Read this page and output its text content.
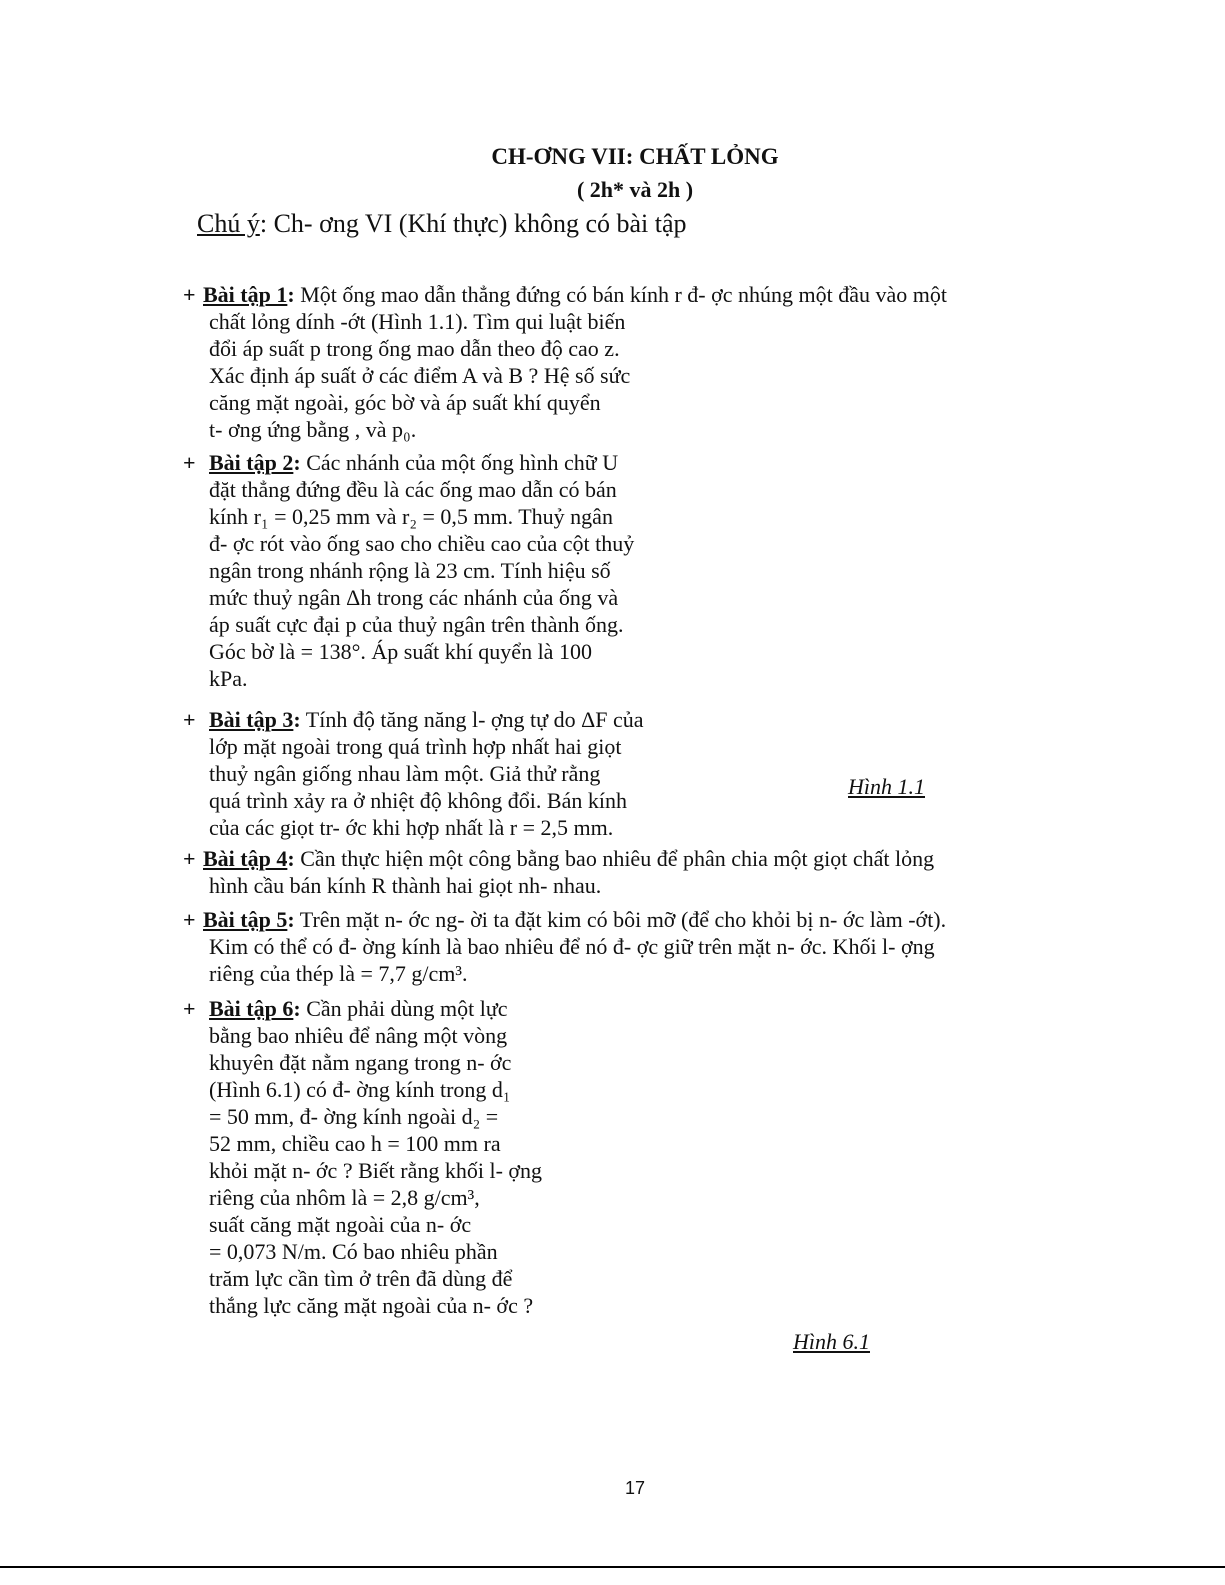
CH-ƠNG VII: CHẤT LỎNG
( 2h* và 2h )
Chú ý: Ch- ơng VI (Khí thực) không có bài tập
+ Bài tập 1: Một ống mao dẫn thẳng đứng có bán kính r đ- ợc nhúng một đầu vào một
chất lỏng dính -ớt (Hình 1.1). Tìm qui luật biến
đổi áp suất p trong ống mao dẫn theo độ cao z.
Xác định áp suất ở các điểm A và B ? Hệ số sức
căng mặt ngoài, góc bờ và áp suất khí quyển
t- ơng ứng bằng , và p₀.
+ Bài tập 2: Các nhánh của một ống hình chữ U
đặt thẳng đứng đều là các ống mao dẫn có bán
kính r₁ = 0,25 mm và r₂ = 0,5 mm. Thuỷ ngân
đ- ợc rót vào ống sao cho chiều cao của cột thuỷ
ngân trong nhánh rộng là 23 cm. Tính hiệu số
mức thuỷ ngân Δh trong các nhánh của ống và
áp suất cực đại p của thuỷ ngân trên thành ống.
Góc bờ là = 138°. Áp suất khí quyển là 100
kPa.
+ Bài tập 3: Tính độ tăng năng l- ợng tự do ΔF của
lớp mặt ngoài trong quá trình hợp nhất hai giọt
thuỷ ngân giống nhau làm một. Giả thử rằng
quá trình xảy ra ở nhiệt độ không đổi. Bán kính
của các giọt tr- ớc khi hợp nhất là r = 2,5 mm.
Hình 1.1
+ Bài tập 4: Cần thực hiện một công bằng bao nhiêu để phân chia một giọt chất lỏng
hình cầu bán kính R thành hai giọt nh- nhau.
+ Bài tập 5: Trên mặt n- ớc ng- ời ta đặt kim có bôi mỡ (để cho khỏi bị n- ớc làm -ớt).
Kim có thể có đ- ờng kính là bao nhiêu để nó đ- ợc giữ trên mặt n- ớc. Khối l- ợng
riêng của thép là = 7,7 g/cm³.
+ Bài tập 6: Cần phải dùng một lực
bằng bao nhiêu để nâng một vòng
khuyên đặt nằm ngang trong n- ớc
(Hình 6.1) có đ- ờng kính trong d₁
= 50 mm, đ- ờng kính ngoài d₂ =
52 mm, chiều cao h = 100 mm ra
khỏi mặt n- ớc ? Biết rằng khối l- ợng
riêng của nhôm là = 2,8 g/cm³,
suất căng mặt ngoài của n- ớc
= 0,073 N/m. Có bao nhiêu phần
trăm lực cần tìm ở trên đã dùng để
thắng lực căng mặt ngoài của n- ớc ?
Hình 6.1
17
